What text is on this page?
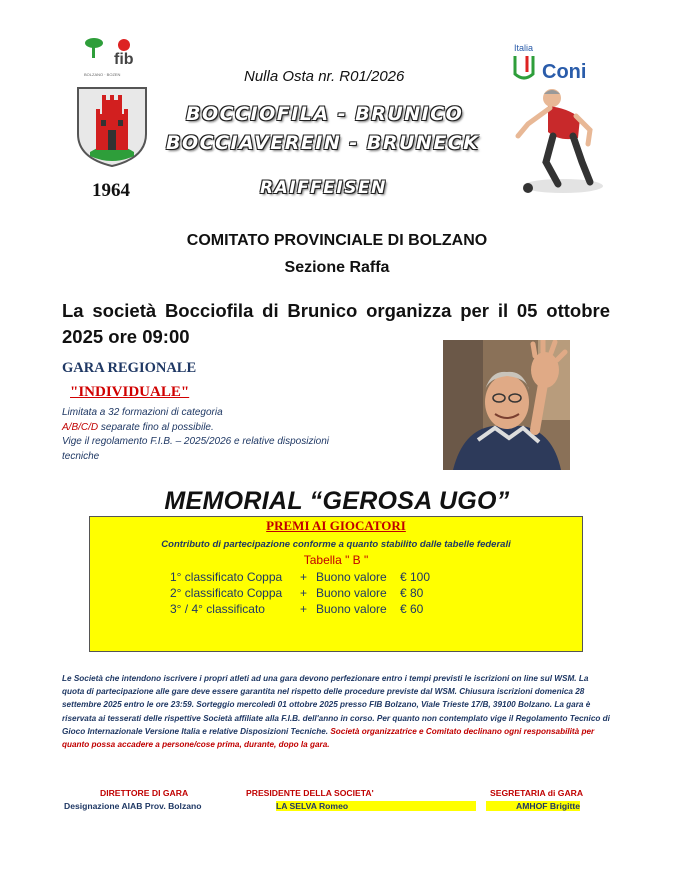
fib
BOLZANO · BOZEN
Italia
Coni
1964
Nulla Osta nr. R01/2026
BOCCIOFILA - BRUNICO
BOCCIAVEREIN - BRUNECK
RAIFFEISEN
COMITATO PROVINCIALE DI BOLZANO
Sezione Raffa
La società Bocciofila di Brunico organizza per il 05 ottobre 2025 ore 09:00
GARA REGIONALE
"INDIVIDUALE"
Limitata a 32 formazioni di categoria
A/B/C/D separate fino al possibile.
Vige il regolamento F.I.B. – 2025/2026 e relative disposizioni tecniche
MEMORIAL “GEROSA UGO”
PREMI AI GIOCATORI
Contributo di partecipazione conforme a quanto stabilito dalle tabelle federali
Tabella " B "
1° classificato Coppa + Buono valore € 100
2° classificato Coppa + Buono valore € 80
3° / 4° classificato	+ Buono valore € 60
Le Società che intendono iscrivere i propri atleti ad una gara devono perfezionare entro i tempi previsti le iscrizioni on line sul WSM. La quota di partecipazione alle gare deve essere garantita nel rispetto delle procedure previste dal WSM. Chiusura iscrizioni domenica 28 settembre 2025 entro le ore 23:59. Sorteggio mercoledì 01 ottobre 2025 presso FIB Bolzano, Viale Trieste 17/B, 39100 Bolzano. La gara è riservata ai tesserati delle rispettive Società affiliate alla F.I.B. dell'anno in corso. Per quanto non contemplato vige il Regolamento Tecnico di Gioco Internazionale Versione Italia e relative Disposizioni Tecniche. Società organizzatrice e Comitato declinano ogni responsabilità per quanto possa accadere a persone/cose prima, durante, dopo la gara.
DIRETTORE DI GARA
Designazione AIAB Prov. Bolzano
PRESIDENTE DELLA SOCIETA'
LA SELVA Romeo
SEGRETARIA di GARA
AMHOF Brigitte
